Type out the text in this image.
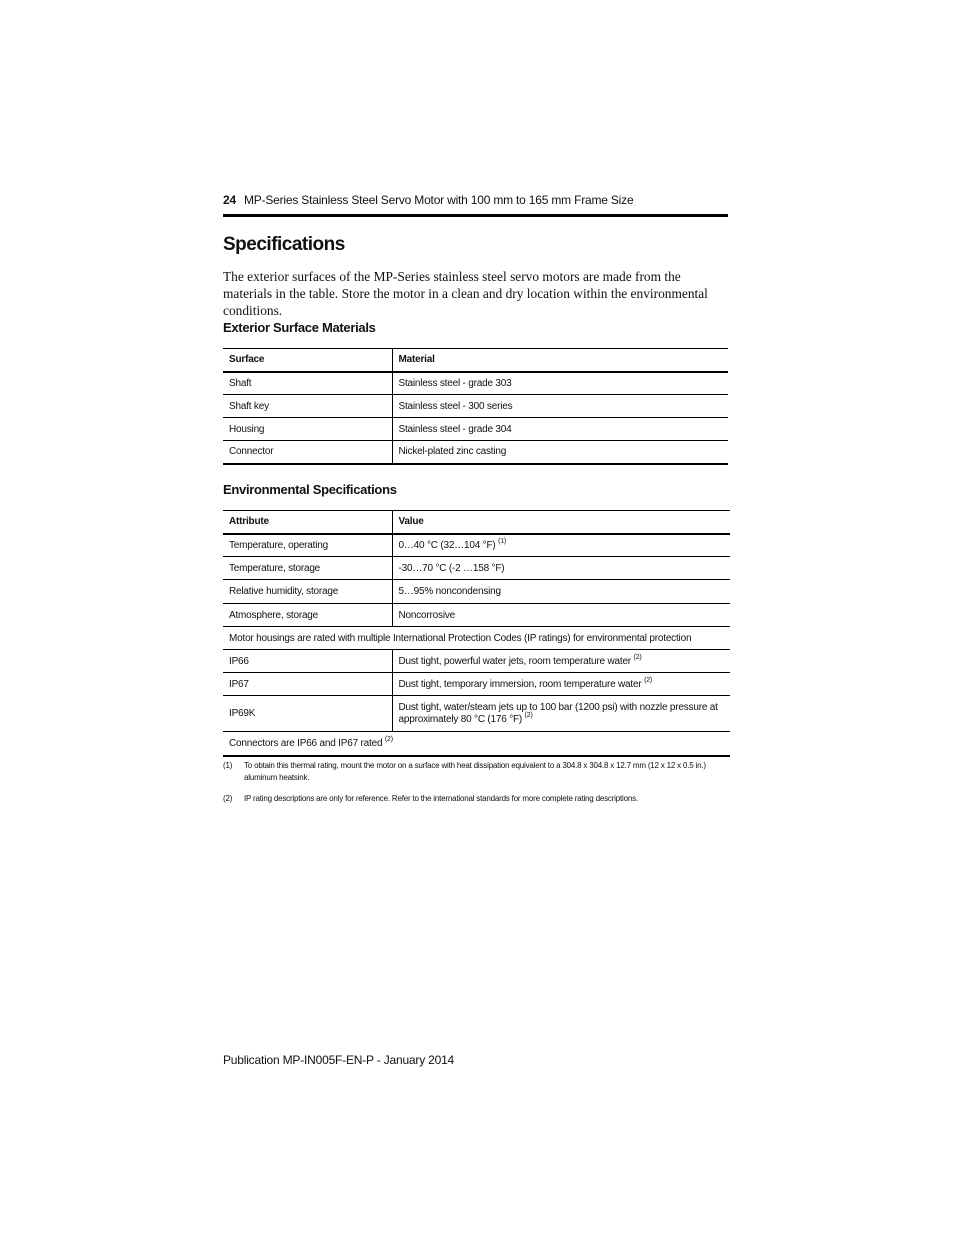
24 MP-Series Stainless Steel Servo Motor with 100 mm to 165 mm Frame Size
Specifications
The exterior surfaces of the MP-Series stainless steel servo motors are made from the materials in the table. Store the motor in a clean and dry location within the environmental conditions.
Exterior Surface Materials
Surface	Material
Shaft	Stainless steel - grade 303
Shaft key	Stainless steel - 300 series
Housing	Stainless steel - grade 304
Connector	Nickel-plated zinc casting
Environmental Specifications
Attribute	Value
Temperature, operating	0…40 °C (32…104 °F) $^{(1)}$
Temperature, storage	-30…70 °C (-2 …158 °F)
Relative humidity, storage	5…95% noncondensing
Atmosphere, storage	Noncorrosive
Motor housings are rated with multiple International Protection Codes (IP ratings) for environmental protection	
IP66	Dust tight, powerful water jets, room temperature water $^{(2)}$
IP67	Dust tight, temporary immersion, room temperature water $^{(2)}$
IP69K	Dust tight, water/steam jets up to 100 bar (1200 psi) with nozzle pressure at approximately 80 °C (176 °F) $^{(2)}$
Connectors are IP66 and IP67 rated $^{(2)}$
(1) To obtain this thermal rating, mount the motor on a surface with heat dissipation equivalent to a 304.8 x 304.8 x 12.7 mm (12 x 12 x 0.5 in.) aluminum heatsink.
(2) IP rating descriptions are only for reference. Refer to the international standards for more complete rating descriptions.
Publication MP-IN005F-EN-P - January 2014
